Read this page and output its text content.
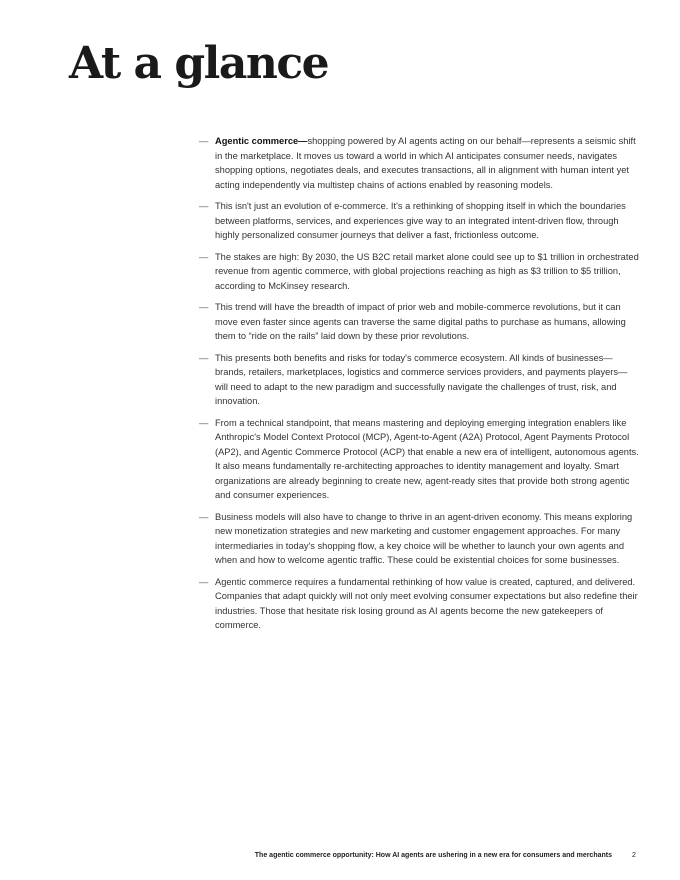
At a glance
— Agentic commerce—shopping powered by AI agents acting on our behalf—represents a seismic shift in the marketplace. It moves us toward a world in which AI anticipates consumer needs, navigates shopping options, negotiates deals, and executes transactions, all in alignment with human intent yet acting independently via multistep chains of actions enabled by reasoning models.
— This isn't just an evolution of e-commerce. It's a rethinking of shopping itself in which the boundaries between platforms, services, and experiences give way to an integrated intent-driven flow, through highly personalized consumer journeys that deliver a fast, frictionless outcome.
— The stakes are high: By 2030, the US B2C retail market alone could see up to $1 trillion in orchestrated revenue from agentic commerce, with global projections reaching as high as $3 trillion to $5 trillion, according to McKinsey research.
— This trend will have the breadth of impact of prior web and mobile-commerce revolutions, but it can move even faster since agents can traverse the same digital paths to purchase as humans, allowing them to “ride on the rails” laid down by these prior revolutions.
— This presents both benefits and risks for today's commerce ecosystem. All kinds of businesses—brands, retailers, marketplaces, logistics and commerce services providers, and payments players—will need to adapt to the new paradigm and successfully navigate the challenges of trust, risk, and innovation.
— From a technical standpoint, that means mastering and deploying emerging integration enablers like Anthropic's Model Context Protocol (MCP), Agent-to-Agent (A2A) Protocol, Agent Payments Protocol (AP2), and Agentic Commerce Protocol (ACP) that enable a new era of intelligent, autonomous agents. It also means fundamentally re-architecting approaches to identity management and loyalty. Smart organizations are already beginning to create new, agent-ready sites that provide both strong agentic and consumer experiences.
— Business models will also have to change to thrive in an agent-driven economy. This means exploring new monetization strategies and new marketing and customer engagement approaches. For many intermediaries in today's shopping flow, a key choice will be whether to launch your own agents and when and how to welcome agentic traffic. These could be existential choices for some businesses.
— Agentic commerce requires a fundamental rethinking of how value is created, captured, and delivered. Companies that adapt quickly will not only meet evolving consumer expectations but also redefine their industries. Those that hesitate risk losing ground as AI agents become the new gatekeepers of commerce.
The agentic commerce opportunity: How AI agents are ushering in a new era for consumers and merchants	2
